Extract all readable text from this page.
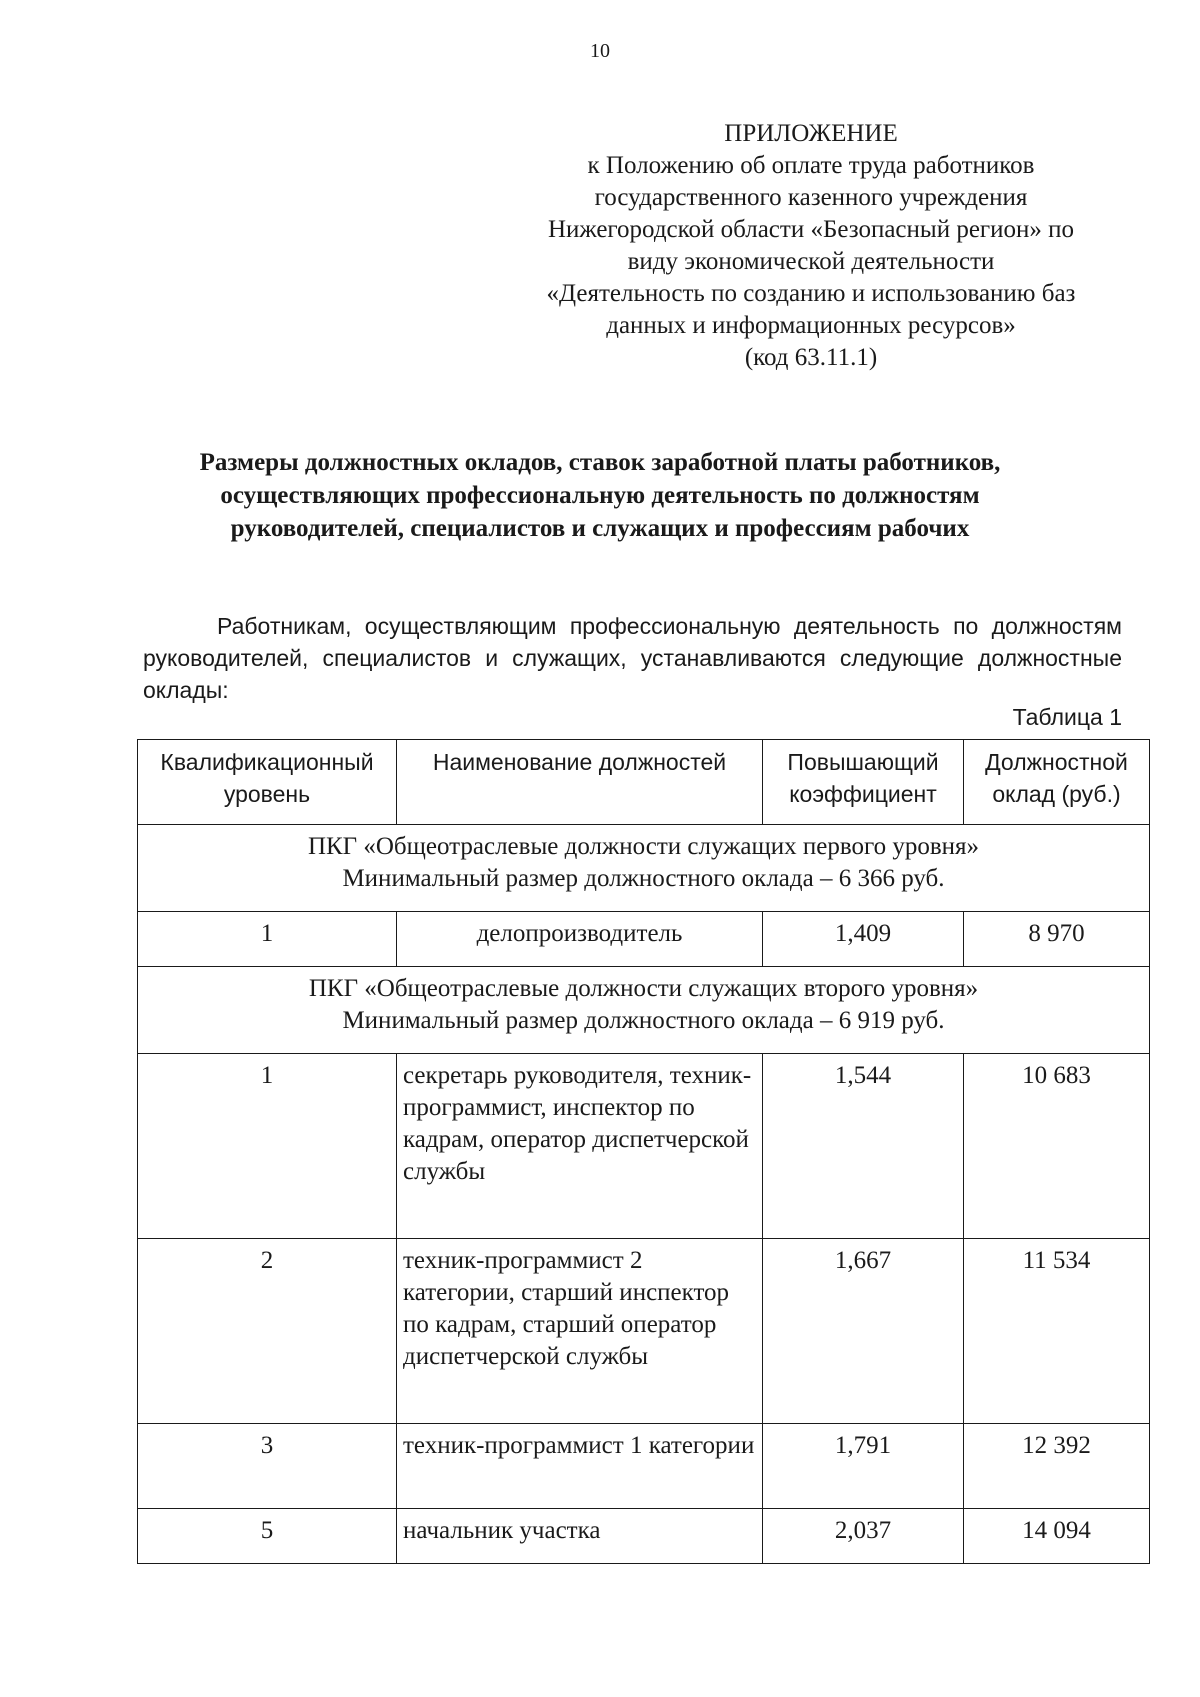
10
ПРИЛОЖЕНИЕ
к Положению об оплате труда работников
государственного казенного учреждения
Нижегородской области «Безопасный регион» по
виду экономической деятельности
«Деятельность по созданию и использованию баз
данных и информационных ресурсов»
(код 63.11.1)
Размеры должностных окладов, ставок заработной платы работников,
осуществляющих профессиональную деятельность по должностям
руководителей, специалистов и служащих и профессиям рабочих
Работникам, осуществляющим профессиональную деятельность по должностям руководителей, специалистов и служащих, устанавливаются следующие должностные оклады:
Таблица 1
Квалификационный уровень	Наименование должностей	Повышающий коэффициент	Должностной оклад (руб.)

ПКГ «Общеотраслевые должности служащих первого уровня»
Минимальный размер должностного оклада – 6 366 руб.			

1	делопроизводитель	1,409	8 970

ПКГ «Общеотраслевые должности служащих второго уровня»
Минимальный размер должностного оклада – 6 919 руб.			

1	секретарь руководителя, техник-программист, инспектор по кадрам, оператор диспетчерской службы	1,544	10 683
2	техник-программист 2 категории, старший инспектор по кадрам, старший оператор диспетчерской службы	1,667	11 534
3	техник-программист 1 категории	1,791	12 392
5	начальник участка	2,037	14 094
